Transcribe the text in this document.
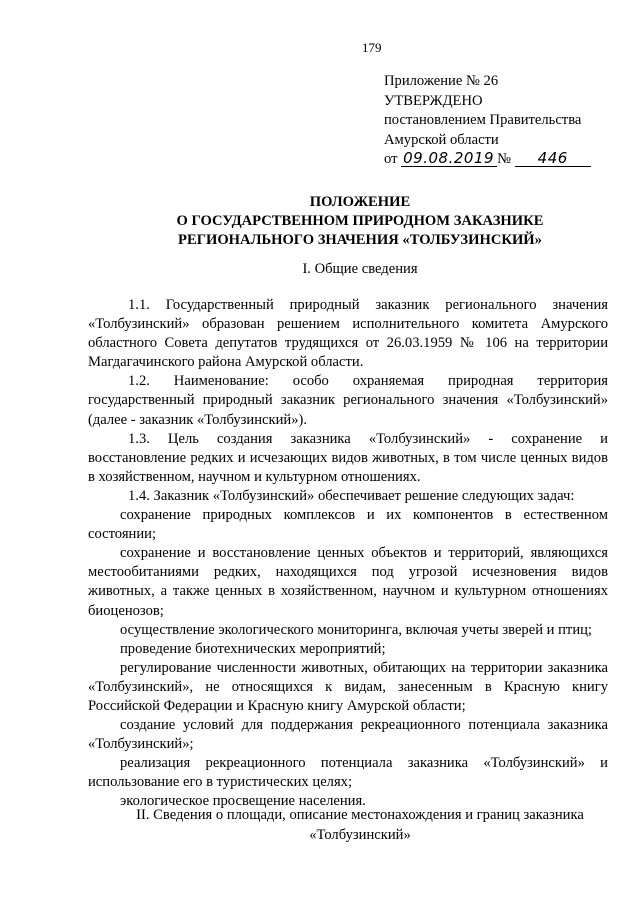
179
Приложение № 26
УТВЕРЖДЕНО
постановлением Правительства
Амурской области
от 09.08.2019 № 446
ПОЛОЖЕНИЕ
О ГОСУДАРСТВЕННОМ ПРИРОДНОМ ЗАКАЗНИКЕ
РЕГИОНАЛЬНОГО ЗНАЧЕНИЯ «ТОЛБУЗИНСКИЙ»
I. Общие сведения

1.1. Государственный природный заказник регионального значения «Толбузинский» образован решением исполнительного комитета Амурского областного Совета депутатов трудящихся от 26.03.1959 № 106 на территории Магдагачинского района Амурской области.

1.2. Наименование: особо охраняемая природная территория государственный природный заказник регионального значения «Толбузинский» (далее - заказник «Толбузинский»).

1.3. Цель создания заказника «Толбузинский» - сохранение и восстановление редких и исчезающих видов животных, в том числе ценных видов в хозяйственном, научном и культурном отношениях.

1.4. Заказник «Толбузинский» обеспечивает решение следующих задач:

сохранение природных комплексов и их компонентов в естественном состоянии;

сохранение и восстановление ценных объектов и территорий, являющихся местообитаниями редких, находящихся под угрозой исчезновения видов животных, а также ценных в хозяйственном, научном и культурном отношениях биоценозов;

осуществление экологического мониторинга, включая учеты зверей и птиц;

проведение биотехнических мероприятий;

регулирование численности животных, обитающих на территории заказника «Толбузинский», не относящихся к видам, занесенным в Красную книгу Российской Федерации и Красную книгу Амурской области;

создание условий для поддержания рекреационного потенциала заказника «Толбузинский»;

реализация рекреационного потенциала заказника «Толбузинский» и использование его в туристических целях;

экологическое просвещение населения.

II. Сведения о площади, описание местонахождения и границ заказника
«Толбузинский»
